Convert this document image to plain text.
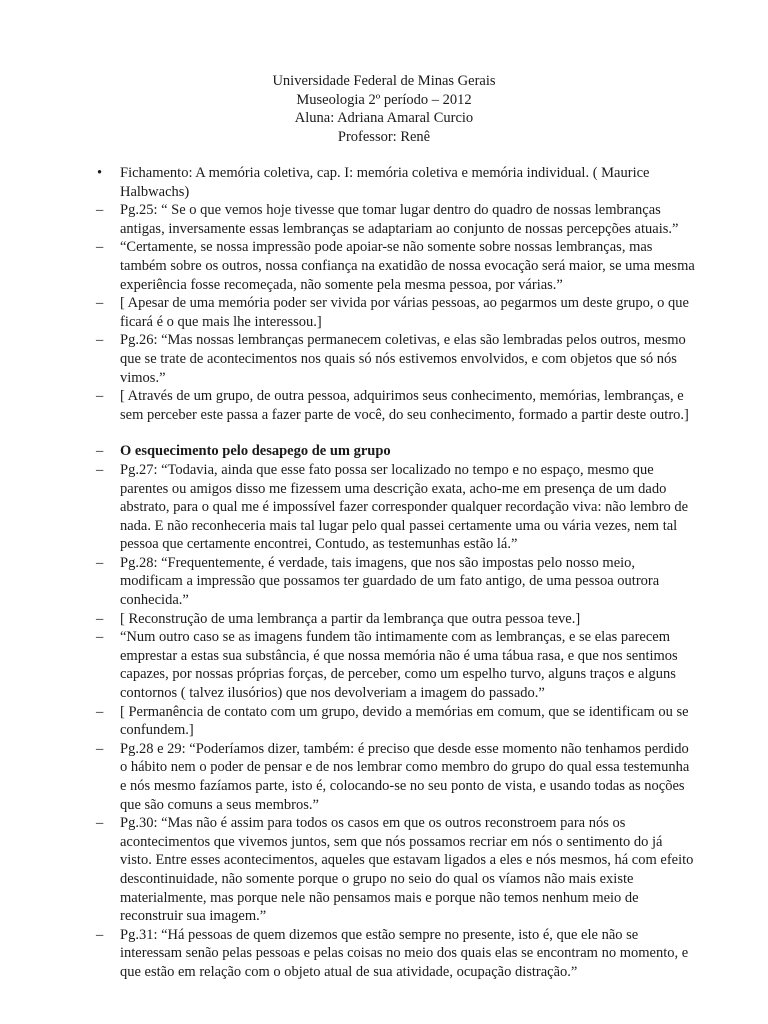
Universidade Federal de Minas Gerais
Museologia 2º período – 2012
Aluna: Adriana Amaral Curcio
Professor: Renê
•	Fichamento: A memória coletiva, cap. I: memória coletiva e memória individual. ( Maurice Halbwachs)
–	Pg.25: “ Se o que vemos hoje tivesse que tomar lugar dentro do quadro de nossas lembranças antigas, inversamente essas lembranças se adaptariam ao conjunto de nossas percepções atuais.”
–	“Certamente, se nossa impressão pode apoiar-se não somente sobre nossas lembranças, mas também sobre os outros, nossa confiança na exatidão de nossa evocação será maior, se uma mesma experiência fosse recomeçada, não somente pela mesma pessoa, por várias.”
–	[ Apesar de uma memória poder ser vivida por várias pessoas, ao pegarmos um deste grupo, o que ficará é o que mais lhe interessou.]
–	Pg.26: “Mas nossas lembranças permanecem coletivas, e elas são lembradas pelos outros, mesmo que se trate de acontecimentos nos quais só nós estivemos envolvidos, e com objetos que só nós vimos.”
–	[ Através de um grupo, de outra pessoa, adquirimos seus conhecimento, memórias, lembranças, e sem perceber este passa a fazer parte de você, do seu conhecimento, formado a partir deste outro.]
–	O esquecimento pelo desapego de um grupo
–	Pg.27: “Todavia, ainda que esse fato possa ser localizado no tempo e no espaço, mesmo que parentes ou amigos disso me fizessem uma descrição exata, acho-me em presença de um dado abstrato, para o qual me é impossível fazer corresponder qualquer recordação viva: não lembro de nada. E não reconheceria mais tal lugar pelo qual passei certamente uma ou vária vezes, nem tal pessoa que certamente encontrei, Contudo, as testemunhas estão lá.”
–	Pg.28: “Frequentemente, é verdade, tais imagens, que nos são impostas pelo nosso meio, modificam a impressão que possamos ter guardado de um fato antigo, de uma pessoa outrora conhecida.”
–	[ Reconstrução de uma lembrança a partir da lembrança que outra pessoa teve.]
–	“Num outro caso se as imagens fundem tão intimamente com as lembranças, e se elas parecem emprestar a estas sua substância, é que nossa memória não é uma tábua rasa, e que nos sentimos capazes, por nossas próprias forças, de perceber, como um espelho turvo, alguns traços e alguns contornos ( talvez ilusórios) que nos devolveriam a imagem do passado.”
–	[ Permanência de contato com um grupo, devido a memórias em comum, que se identificam ou se confundem.]
–	Pg.28 e 29: “Poderíamos dizer, também: é preciso que desde esse momento não tenhamos perdido o hábito nem o poder de pensar e de nos lembrar como membro do grupo do qual essa testemunha e nós mesmo fazíamos parte, isto é, colocando-se no seu ponto de vista, e usando todas as noções que são comuns a seus membros.”
–	Pg.30: “Mas não é assim para todos os casos em que os outros reconstroem para nós os acontecimentos que vivemos juntos, sem que nós possamos recriar em nós o sentimento do já visto. Entre esses acontecimentos, aqueles que estavam ligados a eles e nós mesmos, há com efeito descontinuidade, não somente porque o grupo no seio do qual os víamos não mais existe materialmente, mas porque nele não pensamos mais e porque não temos nenhum meio de reconstruir sua imagem.”
–	Pg.31: “Há pessoas de quem dizemos que estão sempre no presente, isto é, que ele não se interessam senão pelas pessoas e pelas coisas no meio dos quais elas se encontram no momento, e que estão em relação com o objeto atual de sua atividade, ocupação distração.”
